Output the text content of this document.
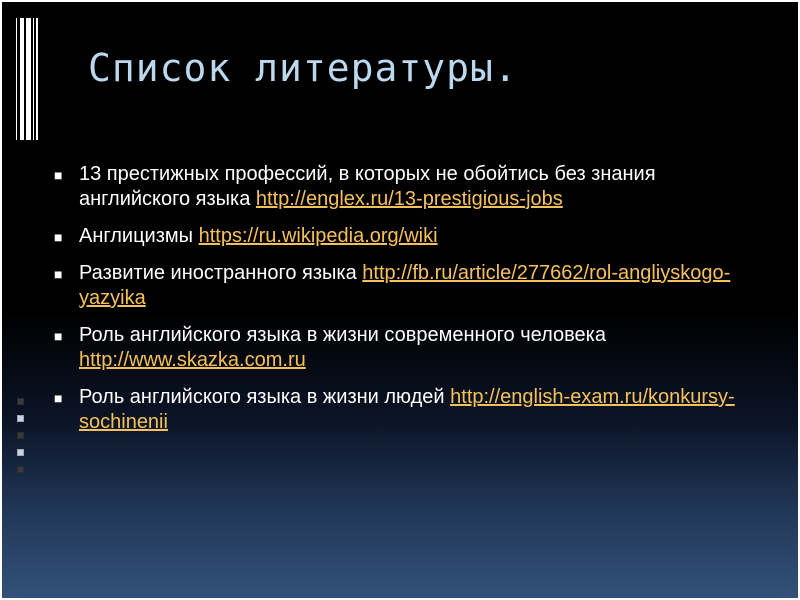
Список литературы.
■ 13 престижных профессий, в которых не обойтись без знания английского языка http://englex.ru/13-prestigious-jobs
■ Англицизмы https://ru.wikipedia.org/wiki
■ Развитие иностранного языка http://fb.ru/article/277662/rol-angliyskogo-yazyika
■ Роль английского языка в жизни современного человека http://www.skazka.com.ru
■ Роль английского языка в жизни людей http://english-exam.ru/konkursy-sochinenii
